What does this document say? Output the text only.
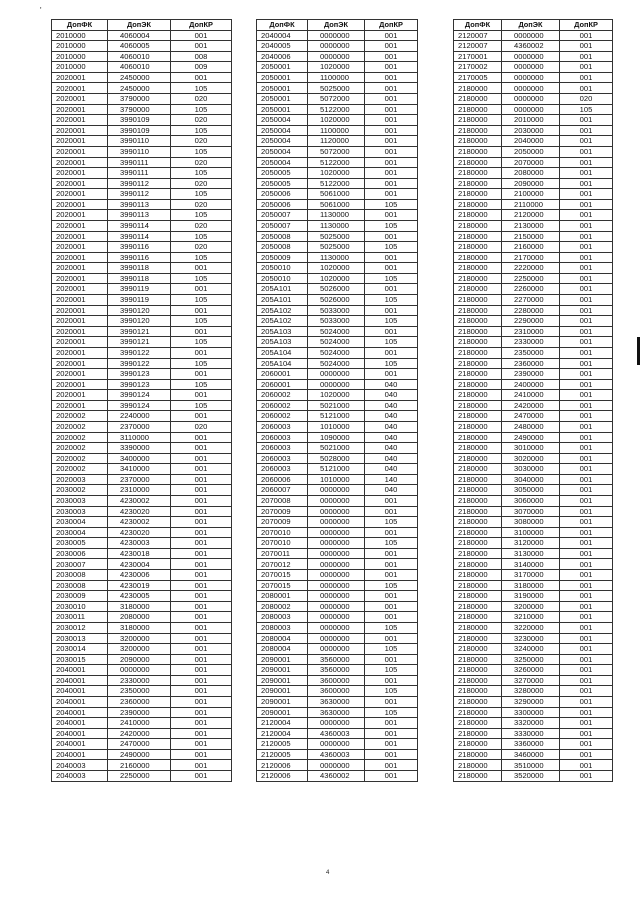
'
ДопФК	ДопЭК	ДопКР
2010000	4060004	001
2010000	4060005	001
2010000	4060010	008
2010000	4060010	009
2020001	2450000	001
2020001	2450000	105
2020001	3790000	020
2020001	3790000	105
2020001	3990109	020
2020001	3990109	105
2020001	3990110	020
2020001	3990110	105
2020001	3990111	020
2020001	3990111	105
2020001	3990112	020
2020001	3990112	105
2020001	3990113	020
2020001	3990113	105
2020001	3990114	020
2020001	3990114	105
2020001	3990116	020
2020001	3990116	105
2020001	3990118	001
2020001	3990118	105
2020001	3990119	001
2020001	3990119	105
2020001	3990120	001
2020001	3990120	105
2020001	3990121	001
2020001	3990121	105
2020001	3990122	001
2020001	3990122	105
2020001	3990123	001
2020001	3990123	105
2020001	3990124	001
2020001	3990124	105
2020002	2240000	001
2020002	2370000	020
2020002	3110000	001
2020002	3390000	001
2020002	3400000	001
2020002	3410000	001
2020003	2370000	001
2030002	2310000	001
2030003	4230002	001
2030003	4230020	001
2030004	4230002	001
2030004	4230020	001
2030005	4230003	001
2030006	4230018	001
2030007	4230004	001
2030008	4230006	001
2030008	4230019	001
2030009	4230005	001
2030010	3180000	001
2030011	2080000	001
2030012	3180000	001
2030013	3200000	001
2030014	3200000	001
2030015	2090000	001
2040001	0000000	001
2040001	2330000	001
2040001	2350000	001
2040001	2360000	001
2040001	2390000	001
2040001	2410000	001
2040001	2420000	001
2040001	2470000	001
2040001	2490000	001
2040003	2160000	001
2040003	2250000	001
ДопФК	ДопЭК	ДопКР
2040004	0000000	001
2040005	0000000	001
2040006	0000000	001
2050001	1020000	001
2050001	1100000	001
2050001	5025000	001
2050001	5072000	001
2050001	5122000	001
2050004	1020000	001
2050004	1100000	001
2050004	1120000	001
2050004	5072000	001
2050004	5122000	001
2050005	1020000	001
2050005	5122000	001
2050006	5061000	001
2050006	5061000	105
2050007	1130000	001
2050007	1130000	105
2050008	5025000	001
2050008	5025000	105
2050009	1130000	001
2050010	1020000	001
2050010	1020000	105
205A101	5026000	001
205A101	5026000	105
205A102	5033000	001
205A102	5033000	105
205A103	5024000	001
205A103	5024000	105
205A104	5024000	001
205A104	5024000	105
2060001	0000000	001
2060001	0000000	040
2060002	1020000	040
2060002	5021000	040
2060002	5121000	040
2060003	1010000	040
2060003	1090000	040
2060003	5021000	040
2060003	5028000	040
2060003	5121000	040
2060006	1010000	140
2060007	0000000	040
2070008	0000000	001
2070009	0000000	001
2070009	0000000	105
2070010	0000000	001
2070010	0000000	105
2070011	0000000	001
2070012	0000000	001
2070015	0000000	001
2070015	0000000	105
2080001	0000000	001
2080002	0000000	001
2080003	0000000	001
2080003	0000000	105
2080004	0000000	001
2080004	0000000	105
2090001	3560000	001
2090001	3560000	105
2090001	3600000	001
2090001	3600000	105
2090001	3630000	001
2090001	3630000	105
2120004	0000000	001
2120004	4360003	001
2120005	0000000	001
2120005	4360003	001
2120006	0000000	001
2120006	4360002	001
ДопФК	ДопЭК	ДопКР
2120007	0000000	001
2120007	4360002	001
2170001	0000000	001
2170002	0000000	001
2170005	0000000	001
2180000	0000000	001
2180000	0000000	020
2180000	0000000	105
2180000	2010000	001
2180000	2030000	001
2180000	2040000	001
2180000	2050000	001
2180000	2070000	001
2180000	2080000	001
2180000	2090000	001
2180000	2100000	001
2180000	2110000	001
2180000	2120000	001
2180000	2130000	001
2180000	2150000	001
2180000	2160000	001
2180000	2170000	001
2180000	2220000	001
2180000	2250000	001
2180000	2260000	001
2180000	2270000	001
2180000	2280000	001
2180000	2290000	001
2180000	2310000	001
2180000	2330000	001
2180000	2350000	001
2180000	2360000	001
2180000	2390000	001
2180000	2400000	001
2180000	2410000	001
2180000	2420000	001
2180000	2470000	001
2180000	2480000	001
2180000	2490000	001
2180000	3010000	001
2180000	3020000	001
2180000	3030000	001
2180000	3040000	001
2180000	3050000	001
2180000	3060000	001
2180000	3070000	001
2180000	3080000	001
2180000	3100000	001
2180000	3120000	001
2180000	3130000	001
2180000	3140000	001
2180000	3170000	001
2180000	3180000	001
2180000	3190000	001
2180000	3200000	001
2180000	3210000	001
2180000	3220000	001
2180000	3230000	001
2180000	3240000	001
2180000	3250000	001
2180000	3260000	001
2180000	3270000	001
2180000	3280000	001
2180000	3290000	001
2180000	3300000	001
2180000	3320000	001
2180000	3330000	001
2180000	3360000	001
2180000	3460000	001
2180000	3510000	001
2180000	3520000	001
4
